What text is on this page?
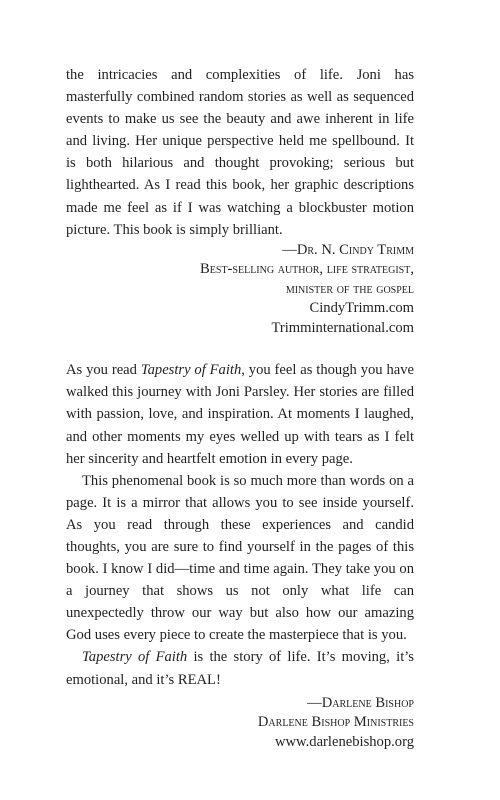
the intricacies and complexities of life. Joni has masterfully combined random stories as well as sequenced events to make us see the beauty and awe inherent in life and living. Her unique perspective held me spellbound. It is both hilarious and thought provoking; serious but lighthearted. As I read this book, her graphic descriptions made me feel as if I was watching a blockbuster motion picture. This book is simply brilliant.

—Dr. N. Cindy Trimm

Best-selling author, life strategist,

minister of the gospel

CindyTrimm.com

Trimminternational.com

As you read Tapestry of Faith, you feel as though you have walked this journey with Joni Parsley. Her stories are filled with passion, love, and inspiration. At moments I laughed, and other moments my eyes welled up with tears as I felt her sincerity and heartfelt emotion in every page.

This phenomenal book is so much more than words on a page. It is a mirror that allows you to see inside yourself. As you read through these experiences and candid thoughts, you are sure to find yourself in the pages of this book. I know I did—time and time again. They take you on a journey that shows us not only what life can unexpectedly throw our way but also how our amazing God uses every piece to create the masterpiece that is you.

Tapestry of Faith is the story of life. It’s moving, it’s emotional, and it’s REAL!

—Darlene Bishop

Darlene Bishop Ministries

www.darlenebishop.org
